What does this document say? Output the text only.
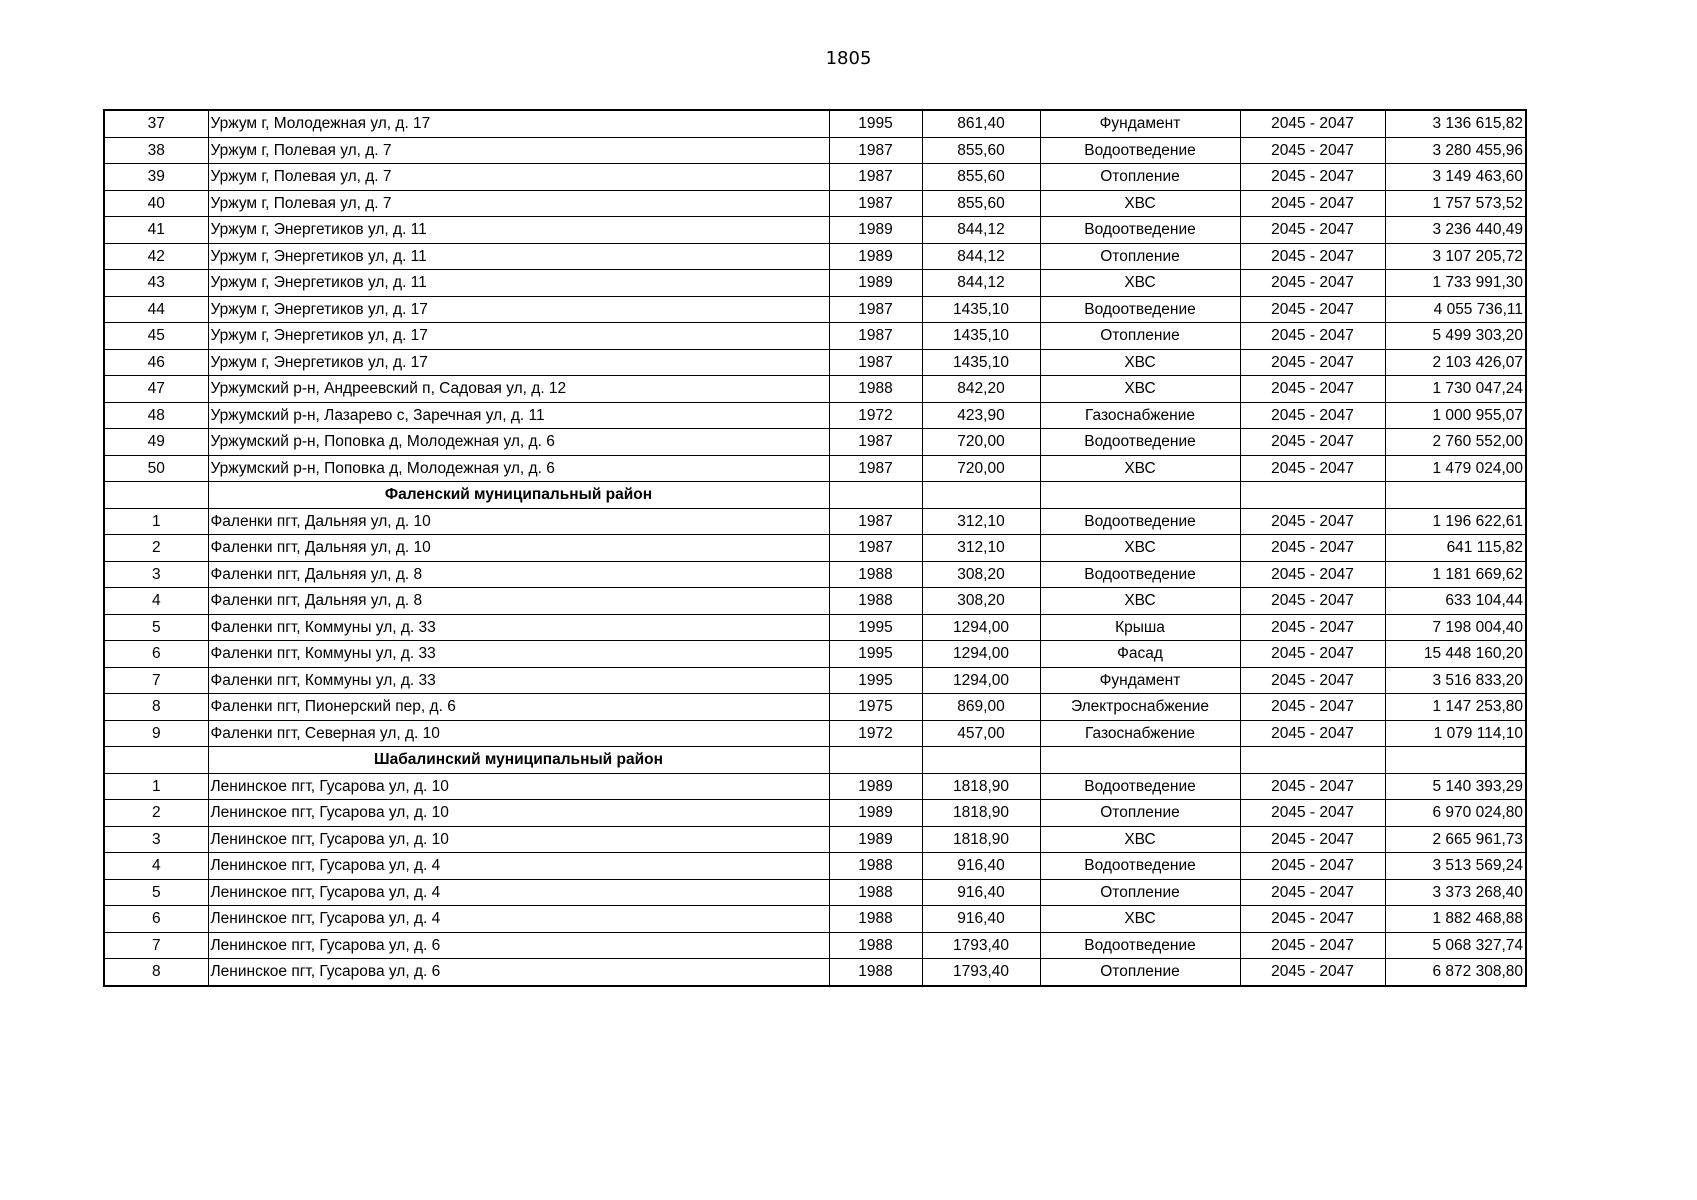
1805
37	Уржум г, Молодежная ул, д. 17	1995	861,40	Фундамент	2045 - 2047	3 136 615,82
38	Уржум г, Полевая ул, д. 7	1987	855,60	Водоотведение	2045 - 2047	3 280 455,96
39	Уржум г, Полевая ул, д. 7	1987	855,60	Отопление	2045 - 2047	3 149 463,60
40	Уржум г, Полевая ул, д. 7	1987	855,60	ХВС	2045 - 2047	1 757 573,52
41	Уржум г, Энергетиков ул, д. 11	1989	844,12	Водоотведение	2045 - 2047	3 236 440,49
42	Уржум г, Энергетиков ул, д. 11	1989	844,12	Отопление	2045 - 2047	3 107 205,72
43	Уржум г, Энергетиков ул, д. 11	1989	844,12	ХВС	2045 - 2047	1 733 991,30
44	Уржум г, Энергетиков ул, д. 17	1987	1435,10	Водоотведение	2045 - 2047	4 055 736,11
45	Уржум г, Энергетиков ул, д. 17	1987	1435,10	Отопление	2045 - 2047	5 499 303,20
46	Уржум г, Энергетиков ул, д. 17	1987	1435,10	ХВС	2045 - 2047	2 103 426,07
47	Уржумский р-н, Андреевский п, Садовая ул, д. 12	1988	842,20	ХВС	2045 - 2047	1 730 047,24
48	Уржумский р-н, Лазарево с, Заречная ул, д. 11	1972	423,90	Газоснабжение	2045 - 2047	1 000 955,07
49	Уржумский р-н, Поповка д, Молодежная ул, д. 6	1987	720,00	Водоотведение	2045 - 2047	2 760 552,00
50	Уржумский р-н, Поповка д, Молодежная ул, д. 6	1987	720,00	ХВС	2045 - 2047	1 479 024,00
	Фаленский муниципальный район					
1	Фаленки пгт, Дальняя ул, д. 10	1987	312,10	Водоотведение	2045 - 2047	1 196 622,61
2	Фаленки пгт, Дальняя ул, д. 10	1987	312,10	ХВС	2045 - 2047	641 115,82
3	Фаленки пгт, Дальняя ул, д. 8	1988	308,20	Водоотведение	2045 - 2047	1 181 669,62
4	Фаленки пгт, Дальняя ул, д. 8	1988	308,20	ХВС	2045 - 2047	633 104,44
5	Фаленки пгт, Коммуны ул, д. 33	1995	1294,00	Крыша	2045 - 2047	7 198 004,40
6	Фаленки пгт, Коммуны ул, д. 33	1995	1294,00	Фасад	2045 - 2047	15 448 160,20
7	Фаленки пгт, Коммуны ул, д. 33	1995	1294,00	Фундамент	2045 - 2047	3 516 833,20
8	Фаленки пгт, Пионерский пер, д. 6	1975	869,00	Электроснабжение	2045 - 2047	1 147 253,80
9	Фаленки пгт, Северная ул, д. 10	1972	457,00	Газоснабжение	2045 - 2047	1 079 114,10
	Шабалинский муниципальный район					
1	Ленинское пгт, Гусарова ул, д. 10	1989	1818,90	Водоотведение	2045 - 2047	5 140 393,29
2	Ленинское пгт, Гусарова ул, д. 10	1989	1818,90	Отопление	2045 - 2047	6 970 024,80
3	Ленинское пгт, Гусарова ул, д. 10	1989	1818,90	ХВС	2045 - 2047	2 665 961,73
4	Ленинское пгт, Гусарова ул, д. 4	1988	916,40	Водоотведение	2045 - 2047	3 513 569,24
5	Ленинское пгт, Гусарова ул, д. 4	1988	916,40	Отопление	2045 - 2047	3 373 268,40
6	Ленинское пгт, Гусарова ул, д. 4	1988	916,40	ХВС	2045 - 2047	1 882 468,88
7	Ленинское пгт, Гусарова ул, д. 6	1988	1793,40	Водоотведение	2045 - 2047	5 068 327,74
8	Ленинское пгт, Гусарова ул, д. 6	1988	1793,40	Отопление	2045 - 2047	6 872 308,80
